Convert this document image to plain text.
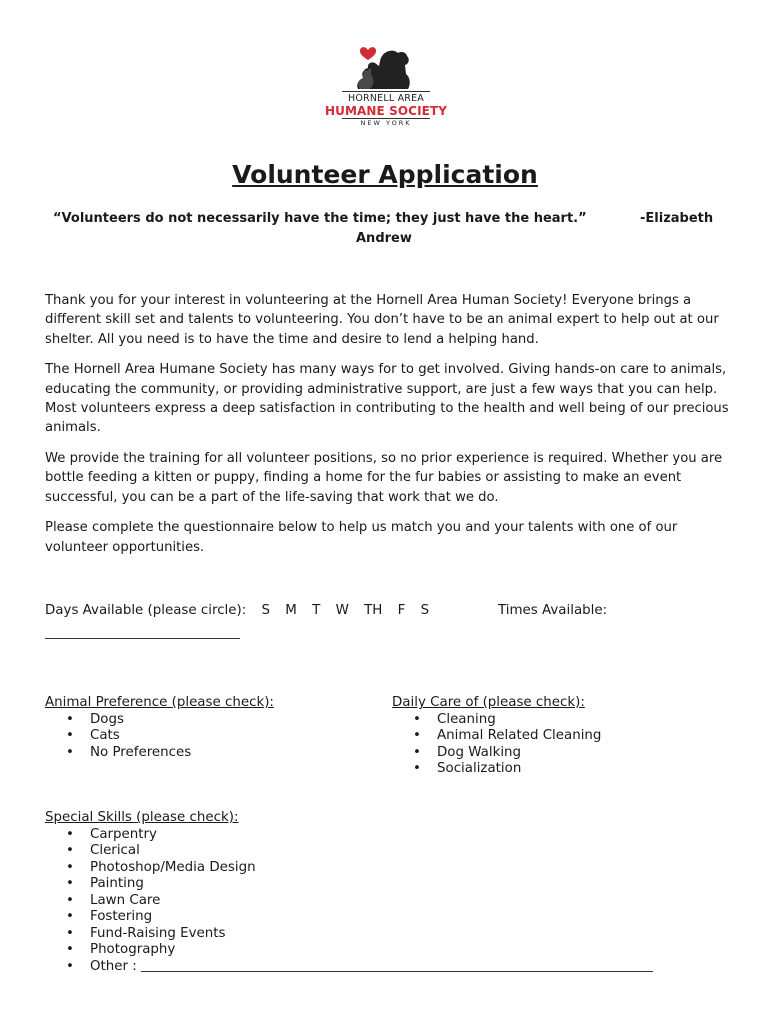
HORNELL AREA
HUMANE SOCIETY
NEW YORK
Volunteer Application
“Volunteers do not necessarily have the time; they just have the heart.”	-Elizabeth
Andrew

Thank you for your interest in volunteering at the Hornell Area Human Society! Everyone brings a different skill set and talents to volunteering. You don’t have to be an animal expert to help out at our shelter. All you need is to have the time and desire to lend a helping hand.

The Hornell Area Humane Society has many ways for to get involved. Giving hands-on care to animals, educating the community, or providing administrative support, are just a few ways that you can help. Most volunteers express a deep satisfaction in contributing to the health and well being of our precious animals.

We provide the training for all volunteer positions, so no prior experience is required. Whether you are bottle feeding a kitten or puppy, finding a home for the fur babies or assisting to make an event successful, you can be a part of the life-saving that work that we do.

Please complete the questionnaire below to help us match you and your talents with one of our volunteer opportunities.

Days Available (please circle): S M T W TH F S	Times Available:

Animal Preference (please check):

• Dogs
• Cats
• No Preferences

Daily Care of (please check):

• Cleaning
• Animal Related Cleaning
• Dog Walking
• Socialization

Special Skills (please check):

• Carpentry
• Clerical
• Photoshop/Media Design
• Painting
• Lawn Care
• Fostering
• Fund-Raising Events
• Photography
• Other :
